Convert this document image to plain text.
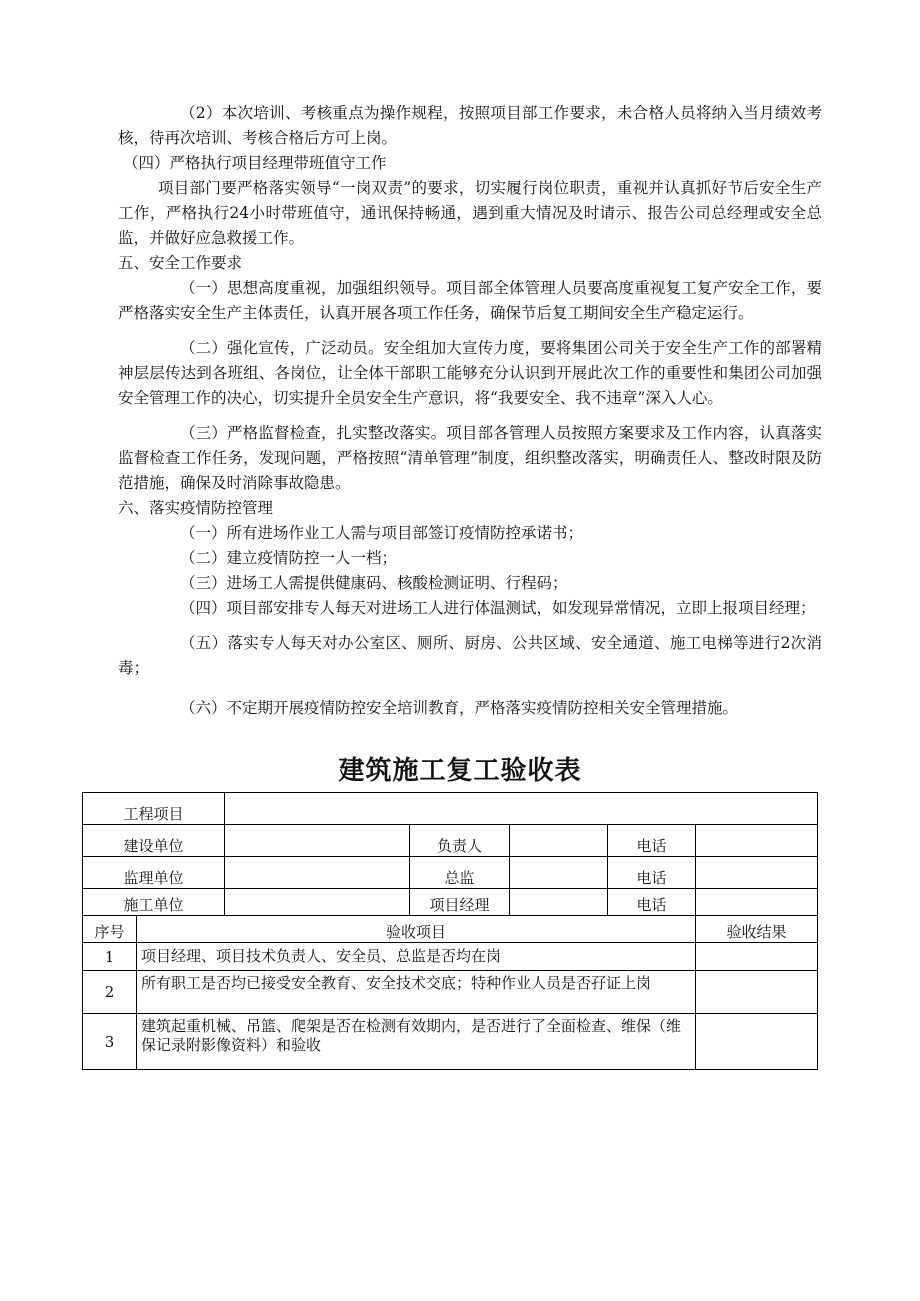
（2）本次培训、考核重点为操作规程，按照项目部工作要求，未合格人员将纳入当月绩效考核，待再次培训、考核合格后方可上岗。

（四）严格执行项目经理带班值守工作

项目部门要严格落实领导“一岗双责”的要求，切实履行岗位职责，重视并认真抓好节后安全生产工作，严格执行24小时带班值守，通讯保持畅通，遇到重大情况及时请示、报告公司总经理或安全总监，并做好应急救援工作。

五、安全工作要求

（一）思想高度重视，加强组织领导。项目部全体管理人员要高度重视复工复产安全工作，要严格落实安全生产主体责任，认真开展各项工作任务，确保节后复工期间安全生产稳定运行。

（二）强化宣传，广泛动员。安全组加大宣传力度，要将集团公司关于安全生产工作的部署精神层层传达到各班组、各岗位，让全体干部职工能够充分认识到开展此次工作的重要性和集团公司加强安全管理工作的决心，切实提升全员安全生产意识，将“我要安全、我不违章”深入人心。

（三）严格监督检查，扎实整改落实。项目部各管理人员按照方案要求及工作内容，认真落实监督检查工作任务，发现问题，严格按照“清单管理”制度，组织整改落实，明确责任人、整改时限及防范措施，确保及时消除事故隐患。

六、落实疫情防控管理

（一）所有进场作业工人需与项目部签订疫情防控承诺书；

（二）建立疫情防控一人一档；

（三）进场工人需提供健康码、核酸检测证明、行程码；

（四）项目部安排专人每天对进场工人进行体温测试，如发现异常情况，立即上报项目经理；

（五）落实专人每天对办公室区、厕所、厨房、公共区域、安全通道、施工电梯等进行2次消毒；

（六）不定期开展疫情防控安全培训教育，严格落实疫情防控相关安全管理措施。

建筑施工复工验收表
工程项目						
建设单位			负责人		电话	
监理单位			总监		电话	
施工单位			项目经理		电话	
序号	验收项目					验收结果
1	项目经理、项目技术负责人、安全员、总监是否均在岗					
2	所有职工是否均已接受安全教育、安全技术交底；特种作业人员是否孖证上岗					
3	建筑起重机械、吊篮、爬架是否在检测有效期内，是否进行了全面检查、维保（维保记录附影像资料）和验收					
